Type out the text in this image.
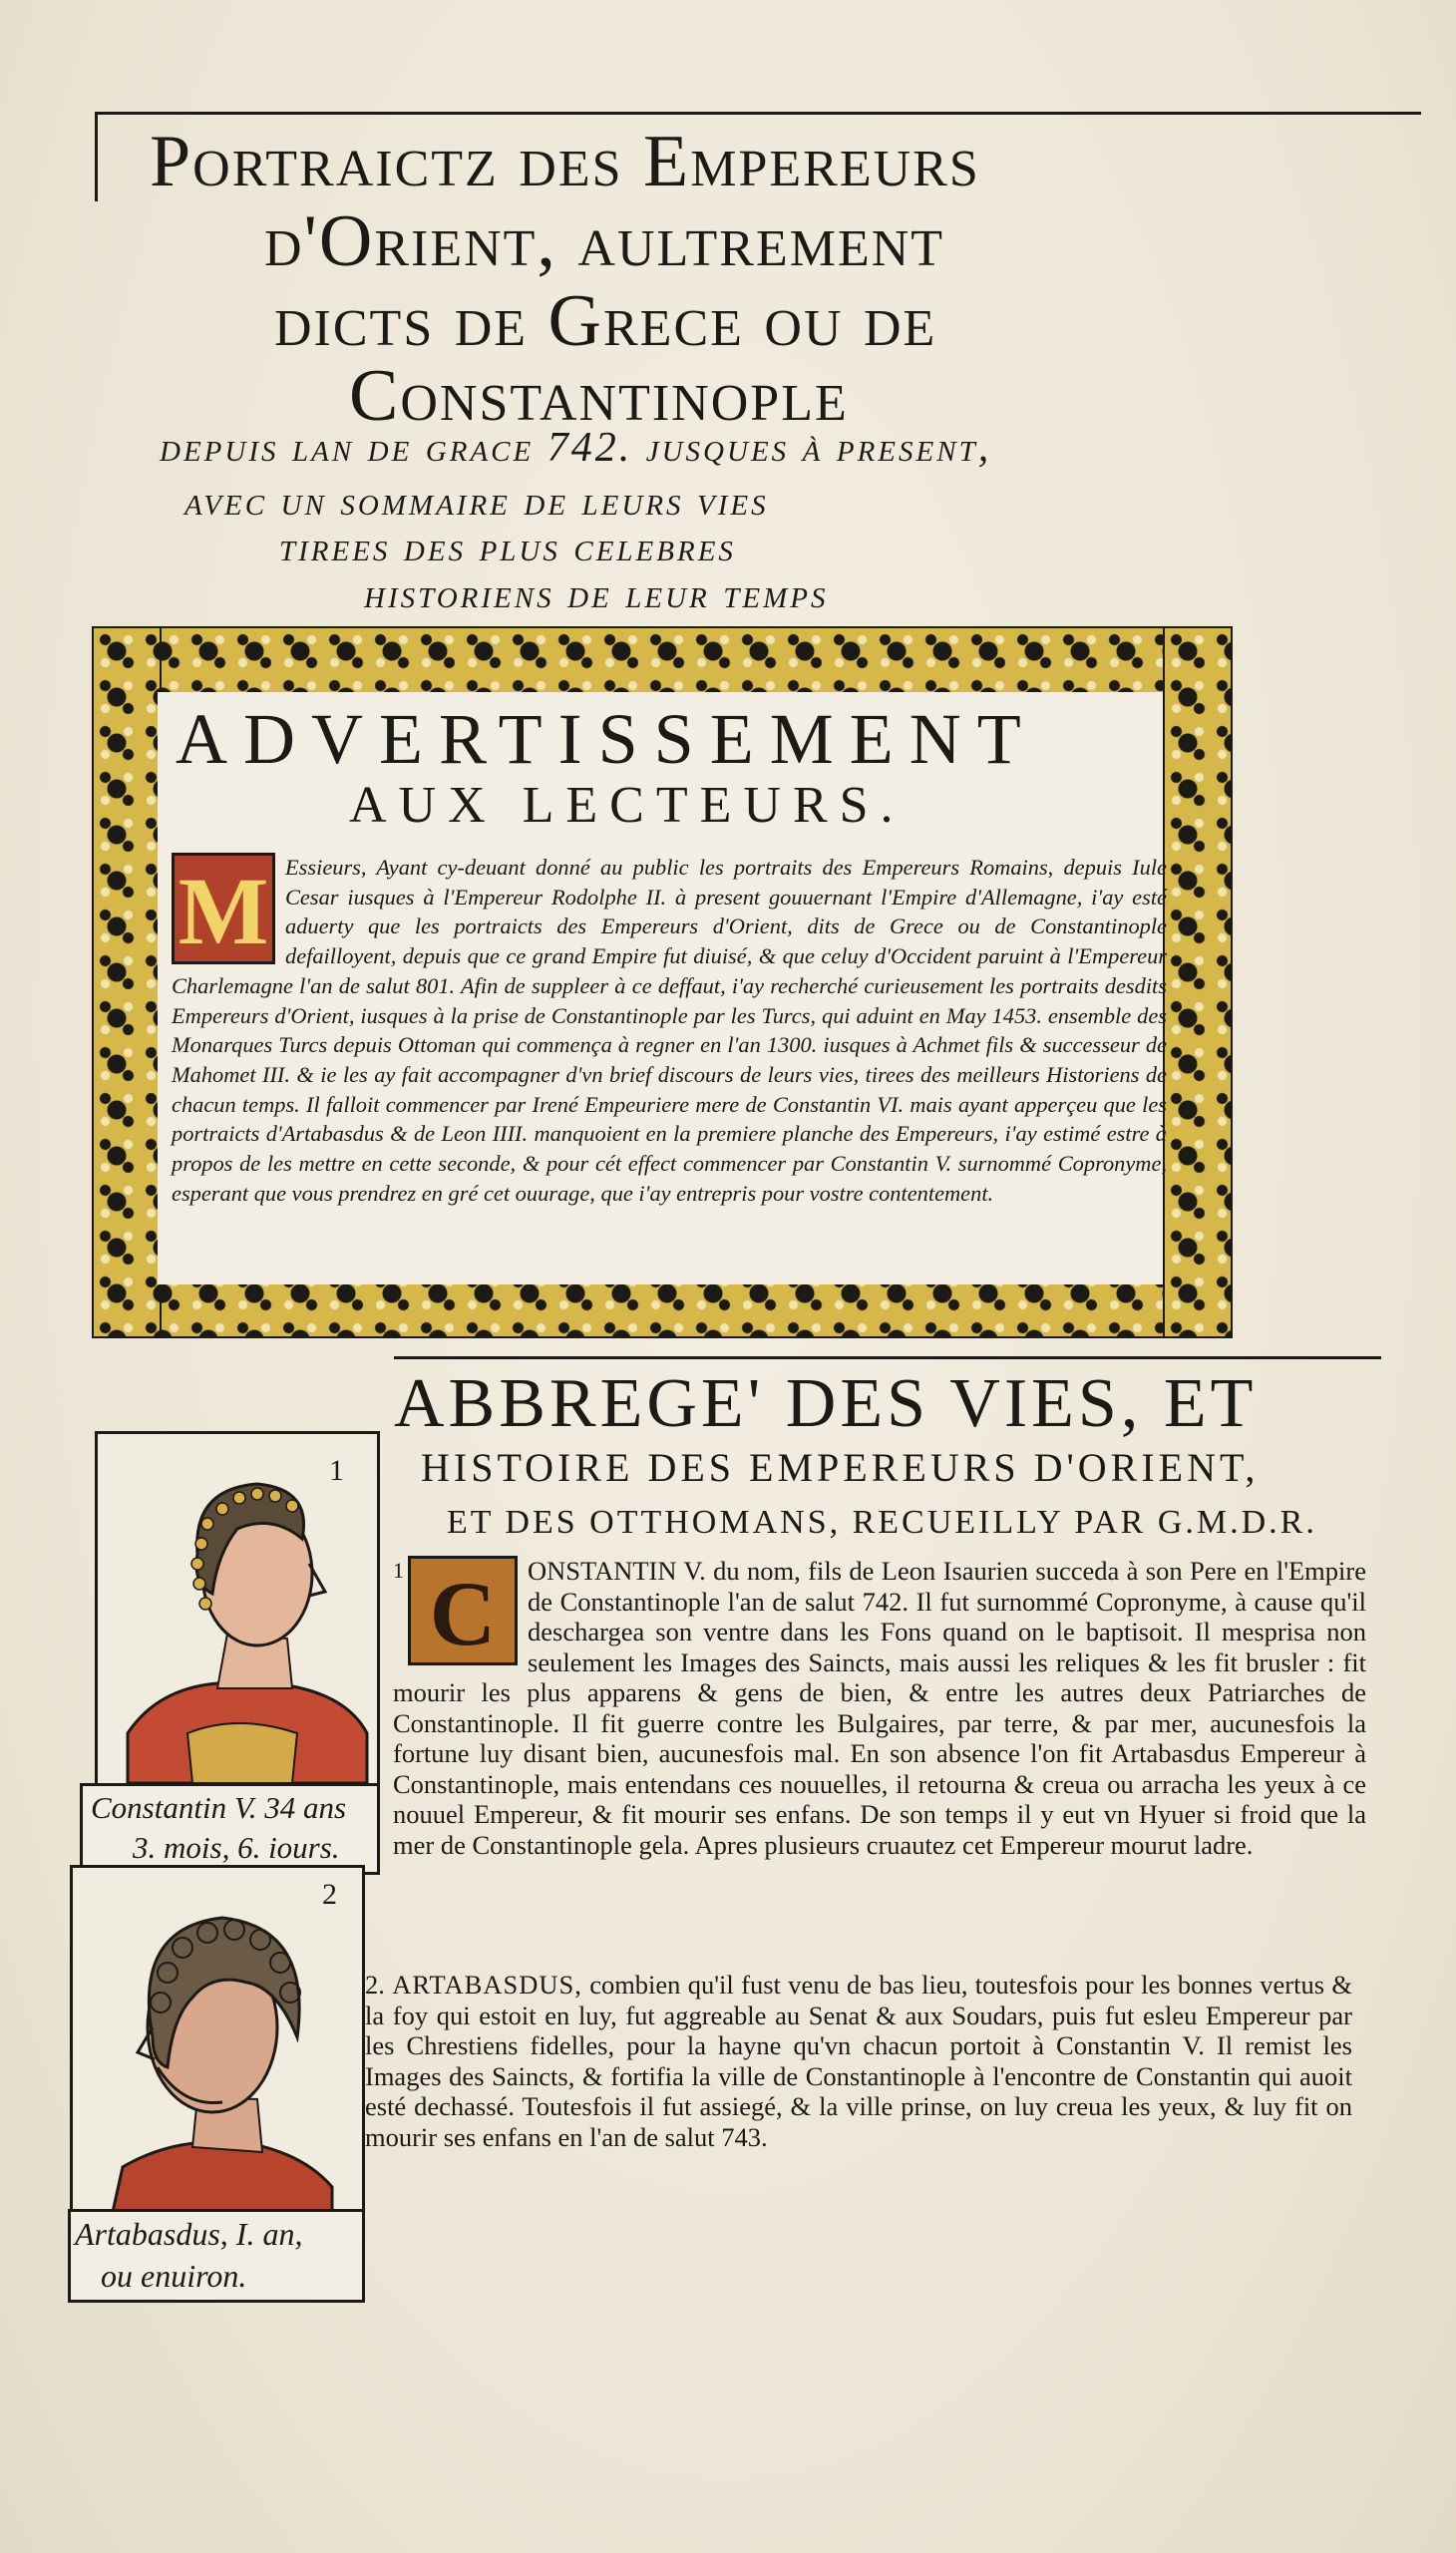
Portraictz des Empereurs
d'Orient, aultrement
dicts de Grece ou de
Constantinople
depuis lan de grace 742. jusques à present,
avec un sommaire de leurs vies
tirees des plus celebres
historiens de leur temps
ADVERTISSEMENT
AUX LECTEURS.
M Essieurs, Ayant cy-deuant donné au public les portraits des Empereurs Romains, depuis Iule Cesar iusques à l'Empereur Rodolphe II. à present gouuernant l'Empire d'Allemagne, i'ay esté aduerty que les portraicts des Empereurs d'Orient, dits de Grece ou de Constantinople defailloyent, depuis que ce grand Empire fut diuisé, & que celuy d'Occident paruint à l'Empereur Charlemagne l'an de salut 801. Afin de suppleer à ce deffaut, i'ay recherché curieusement les portraits desdits Empereurs d'Orient, iusques à la prise de Constantinople par les Turcs, qui aduint en May 1453. ensemble des Monarques Turcs depuis Ottoman qui commença à regner en l'an 1300. iusques à Achmet fils & successeur de Mahomet III. & ie les ay fait accompagner d'vn brief discours de leurs vies, tirees des meilleurs Historiens de chacun temps. Il falloit commencer par Irené Empeuriere mere de Constantin VI. mais ayant apperçeu que les portraicts d'Artabasdus & de Leon IIII. manquoient en la premiere planche des Empereurs, i'ay estimé estre à propos de les mettre en cette seconde, & pour cét effect commencer par Constantin V. surnommé Copronyme, esperant que vous prendrez en gré cet ouurage, que i'ay entrepris pour vostre contentement.
ABBREGE' DES VIES, ET
HISTOIRE DES EMPEREURS D'ORIENT,
ET DES OTTHOMANS, RECUEILLY PAR G.M.D.R.
1 C	ONSTANTIN V. du nom, fils de Leon Isaurien succeda à son Pere en l'Empire de Constantinople l'an de salut 742. Il fut surnommé Copronyme, à cause qu'il deschargea son ventre dans les Fons quand on le baptisoit. Il mesprisa non seulement les Images des Saincts, mais aussi les reliques & les fit brusler : fit mourir les plus apparens & gens de bien, & entre les autres deux Patriarches de Constantinople. Il fit guerre contre les Bulgaires, par terre, & par mer, aucunesfois la fortune luy disant bien, aucunesfois mal. En son absence l'on fit Artabasdus Empereur à Constantinople, mais entendans ces nouuelles, il retourna & creua ou arracha les yeux à ce nouuel Empereur, & fit mourir ses enfans. De son temps il y eut vn Hyuer si froid que la mer de Constantinople gela. Apres plusieurs cruautez cet Empereur mourut ladre.
2. ARTABASDUS, combien qu'il fust venu de bas lieu, toutesfois pour les bonnes vertus & la foy qui estoit en luy, fut aggreable au Senat & aux Soudars, puis fut esleu Empereur par les Chrestiens fidelles, pour la hayne qu'vn chacun portoit à Constantin V. Il remist les Images des Saincts, & fortifia la ville de Constantinople à l'encontre de Constantin qui auoit esté dechassé. Toutesfois il fut assiegé, & la ville prinse, on luy creua les yeux, & luy fit on mourir ses enfans en l'an de salut 743.
1
Constantin V. 34 ans
3. mois, 6. iours.
2
Artabasdus, I. an,
ou enuiron.
